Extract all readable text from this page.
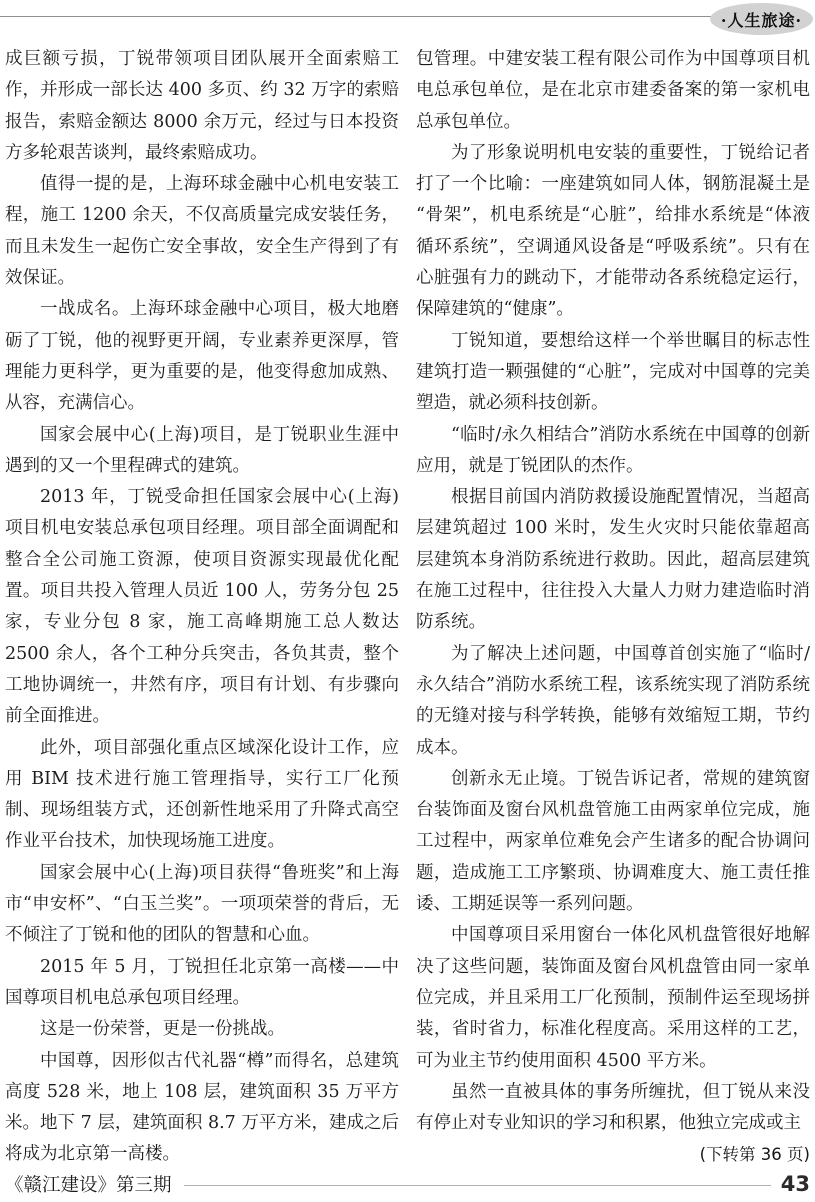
·人生旅途·

成巨额亏损，丁锐带领项目团队展开全面索赔工作，并形成一部长达 400 多页、约 32 万字的索赔报告，索赔金额达 8000 余万元，经过与日本投资方多轮艰苦谈判，最终索赔成功。

值得一提的是，上海环球金融中心机电安装工程，施工 1200 余天，不仅高质量完成安装任务，而且未发生一起伤亡安全事故，安全生产得到了有效保证。

一战成名。上海环球金融中心项目，极大地磨砺了丁锐，他的视野更开阔，专业素养更深厚，管理能力更科学，更为重要的是，他变得愈加成熟、从容，充满信心。

国家会展中心(上海)项目，是丁锐职业生涯中遇到的又一个里程碑式的建筑。

2013 年，丁锐受命担任国家会展中心(上海)项目机电安装总承包项目经理。项目部全面调配和整合全公司施工资源，使项目资源实现最优化配置。项目共投入管理人员近 100 人，劳务分包 25 家，专业分包 8 家，施工高峰期施工总人数达 2500 余人，各个工种分兵突击，各负其责，整个工地协调统一，井然有序，项目有计划、有步骤向前全面推进。

此外，项目部强化重点区域深化设计工作，应用 BIM 技术进行施工管理指导，实行工厂化预制、现场组装方式，还创新性地采用了升降式高空作业平台技术，加快现场施工进度。

国家会展中心(上海)项目获得“鲁班奖”和上海市“申安杯”、“白玉兰奖”。一项项荣誉的背后，无不倾注了丁锐和他的团队的智慧和心血。

2015 年 5 月，丁锐担任北京第一高楼——中国尊项目机电总承包项目经理。

这是一份荣誉，更是一份挑战。

中国尊，因形似古代礼器“樽”而得名，总建筑高度 528 米，地上 108 层，建筑面积 35 万平方米。地下 7 层，建筑面积 8.7 万平方米，建成之后将成为北京第一高楼。

包管理。中建安装工程有限公司作为中国尊项目机电总承包单位，是在北京市建委备案的第一家机电总承包单位。

为了形象说明机电安装的重要性，丁锐给记者打了一个比喻：一座建筑如同人体，钢筋混凝土是“骨架”，机电系统是“心脏”，给排水系统是“体液循环系统”，空调通风设备是“呼吸系统”。只有在心脏强有力的跳动下，才能带动各系统稳定运行，保障建筑的“健康”。

丁锐知道，要想给这样一个举世瞩目的标志性建筑打造一颗强健的“心脏”，完成对中国尊的完美塑造，就必须科技创新。

“临时/永久相结合”消防水系统在中国尊的创新应用，就是丁锐团队的杰作。

根据目前国内消防救援设施配置情况，当超高层建筑超过 100 米时，发生火灾时只能依靠超高层建筑本身消防系统进行救助。因此，超高层建筑在施工过程中，往往投入大量人力财力建造临时消防系统。

为了解决上述问题，中国尊首创实施了“临时/永久结合”消防水系统工程，该系统实现了消防系统的无缝对接与科学转换，能够有效缩短工期，节约成本。

创新永无止境。丁锐告诉记者，常规的建筑窗台装饰面及窗台风机盘管施工由两家单位完成，施工过程中，两家单位难免会产生诸多的配合协调问题，造成施工工序繁琐、协调难度大、施工责任推诿、工期延误等一系列问题。

中国尊项目采用窗台一体化风机盘管很好地解决了这些问题，装饰面及窗台风机盘管由同一家单位完成，并且采用工厂化预制，预制件运至现场拼装，省时省力，标准化程度高。采用这样的工艺，可为业主节约使用面积 4500 平方米。

虽然一直被具体的事务所缠扰，但丁锐从来没有停止对专业知识的学习和积累，他独立完成或主

(下转第 36 页)

《赣江建设》第三期	43
